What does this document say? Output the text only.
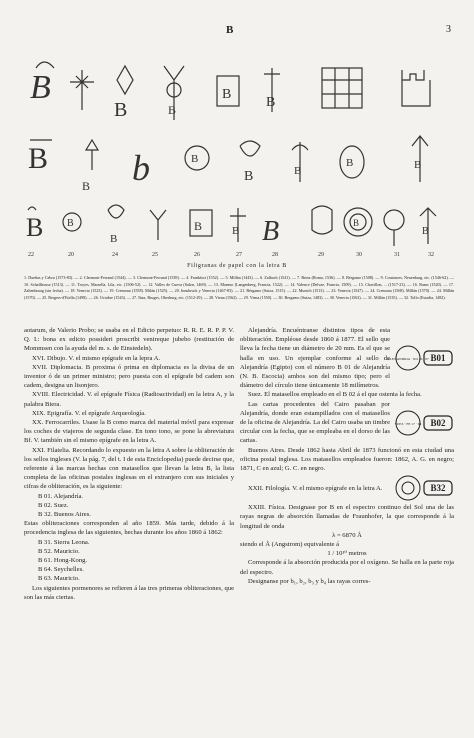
B	3
B
B	B
B
B
B
B b	B
B	B
B	B
B B
B
B	B B	B
B
22	20	24	25	26	27	28	29	30	31	32
Filigranas de papel con la letra B
1. Dueñas y Cebra (1573-83). — 2. Clermont-Ferrand (1544). — 3. Clermont-Ferrand (1539). — 4. Frankfurt (1552). — 5. Millán (1443). — 6. Zalbach (1541). — 7. Brinz (Roma, 1536). — 8. Bérgamo (1508). — 9. Coutances, Neuenburg, etc. (1546-62). — 10. Schaffhouse (1513). — 11. Troyes, Marsella, Lila, etc. (1506-52). — 12. Valles de Cueva (Salzn, 1469). — 13. Maneso (Langenberg, Francia, 1522). — 14. Valence (Delvae, Francia, 1509). — 15. Chavillon, ... (1517-23). — 16. Rams (1520). — 17. Zaltenbourg (sin fecha). — 18. Venecia (1523). — 19. Cremona (1558). Milán (1525). — 20. Innsbruck y Venecia (1467-83). — 21. Bérgamo (Suiza, 1515). — 22. Munich (1513). — 23. Venecia (1547). — 24. Cremona (1568). Millán (1570). — 24. Millán (1570). — 25. Bergers-d'Etella (1498). — 26. Octubre (1543). — 27. Ibaz, Bruges, Oberburg, etc. (1512-29). — 28. Viena (1562). — 29. Viena (1550). — 30. Bergamo (Suiza, 1483). — 30. Venecia (1563). — 31. Millán (1535). — 32. Tollo (Estadia, 1482).

aotarum, de Valerio Probo; se usaba en el Edicto perpetuo: R. R. E. R. P. P. V. Q. I.: bona ex edicto possideri proscribi venireque jubebo (restitución de Mommsen con la ayuda del m. s. de Einsiedeln).

XVI. Dibujo. V. el mismo epígrafe en la lepra A.

XVII. Diplomacia. B proxima ó prima en diplomacia es la divisa de un inventor ó de un primer ministro; pero puesta con el epígrafe bd cadem son cadem, designa un lisonjero.

XVIII. Electricidad. V. el epígrafe Física (Radioactividad) en la letra A, y la palabra Biera.

XIX. Epigrafía. V. el epígrafe Arqueología.

XX. Ferrocarriles. Usase la B como marca del material móvil para expresar los coches de viajeros de segunda clase. En tono tono, se pone la abreviatura Bf. V. también sin el mismo epígrafe en la letra A.

XXI. Filatelia. Recordando lo expuesto en la letra A sobre la obliteración de los sellos ingleses (V. la pág. 7, del t. I de esta Enciclopedia) puede decirse que, referente á las marcas hechas con matasellos que llevan la letra B, la lista completa de las oficinas postales inglesas en el extranjero con sus iniciales y cifras de obliteración, es la siguiente:

B 01. Alejandría.

B 02. Suez.

B 32. Buenos Aires.

Estas obliteraciones corresponden al año 1859. Más tarde, debido á la procedencia inglesa de las siguientes, hechas durante los años 1860 á 1862:

B 31. Sierra Leona.

B 52. Mauricio.

B 61. Hong-Kong.

B 64. Seychelles.

B 63. Mauricio.

Los siguientes pormenores se refieren á las tres primeras obliteraciones, que son las más ciertas.

Alejandría. Encuéntranse distintos tipos de esta obliteración. Empléose desde 1860 á 1877. El sello que lleva la fecha tiene un diámetro de 20 mm. Es el que se halla en uso. Un ejemplar conforme al sello de Alejandría (Egipto) con el número B 01 de Alejandría (N. B. Escocia) ambos son del mismo tipo; pero el diámetro del círculo tiene únicamente 18 milímetros.

ALEXANDRIA · NO 26 · 67 B01

Suez. El matasellos empleado en el B 02 á el que ostenta la fecha.

Las cartas procedentes del Cairo pasaban por Alejandría, donde eran estampillados con el matasellos de la oficina de Alejandría. La del Cairo usaba un timbre circular con la fecha, que se empleaba en el dorso de las cartas.

SUEZ · FE 17 · 64 B02

Buenos Aires. Desde 1862 hasta Abril de 1873 funcionó en esta ciudad una oficina postal inglesa. Los matasellos empleados fueron: 1862, A. G. en negro; 1871, C en azul; G. C. en negro.

XXII. Filología. V. el mismo epígrafe en la letra A.	B32

XXIII. Física. Designase por B en el espectro continuo del Sol una de las rayas negras de absorción llamadas de Fraunhofer, la que corresponde á la longitud de onda

λ = 6870 Å

siendo el Å (Angstrom) equivalente á

1 / 10¹⁰ metros

Corresponde á la absorción producida por el oxígeno. Se halla en la parte roja del espectro.

Designanse por b₁, b₂, b₃ y b₄ las rayas corres-
